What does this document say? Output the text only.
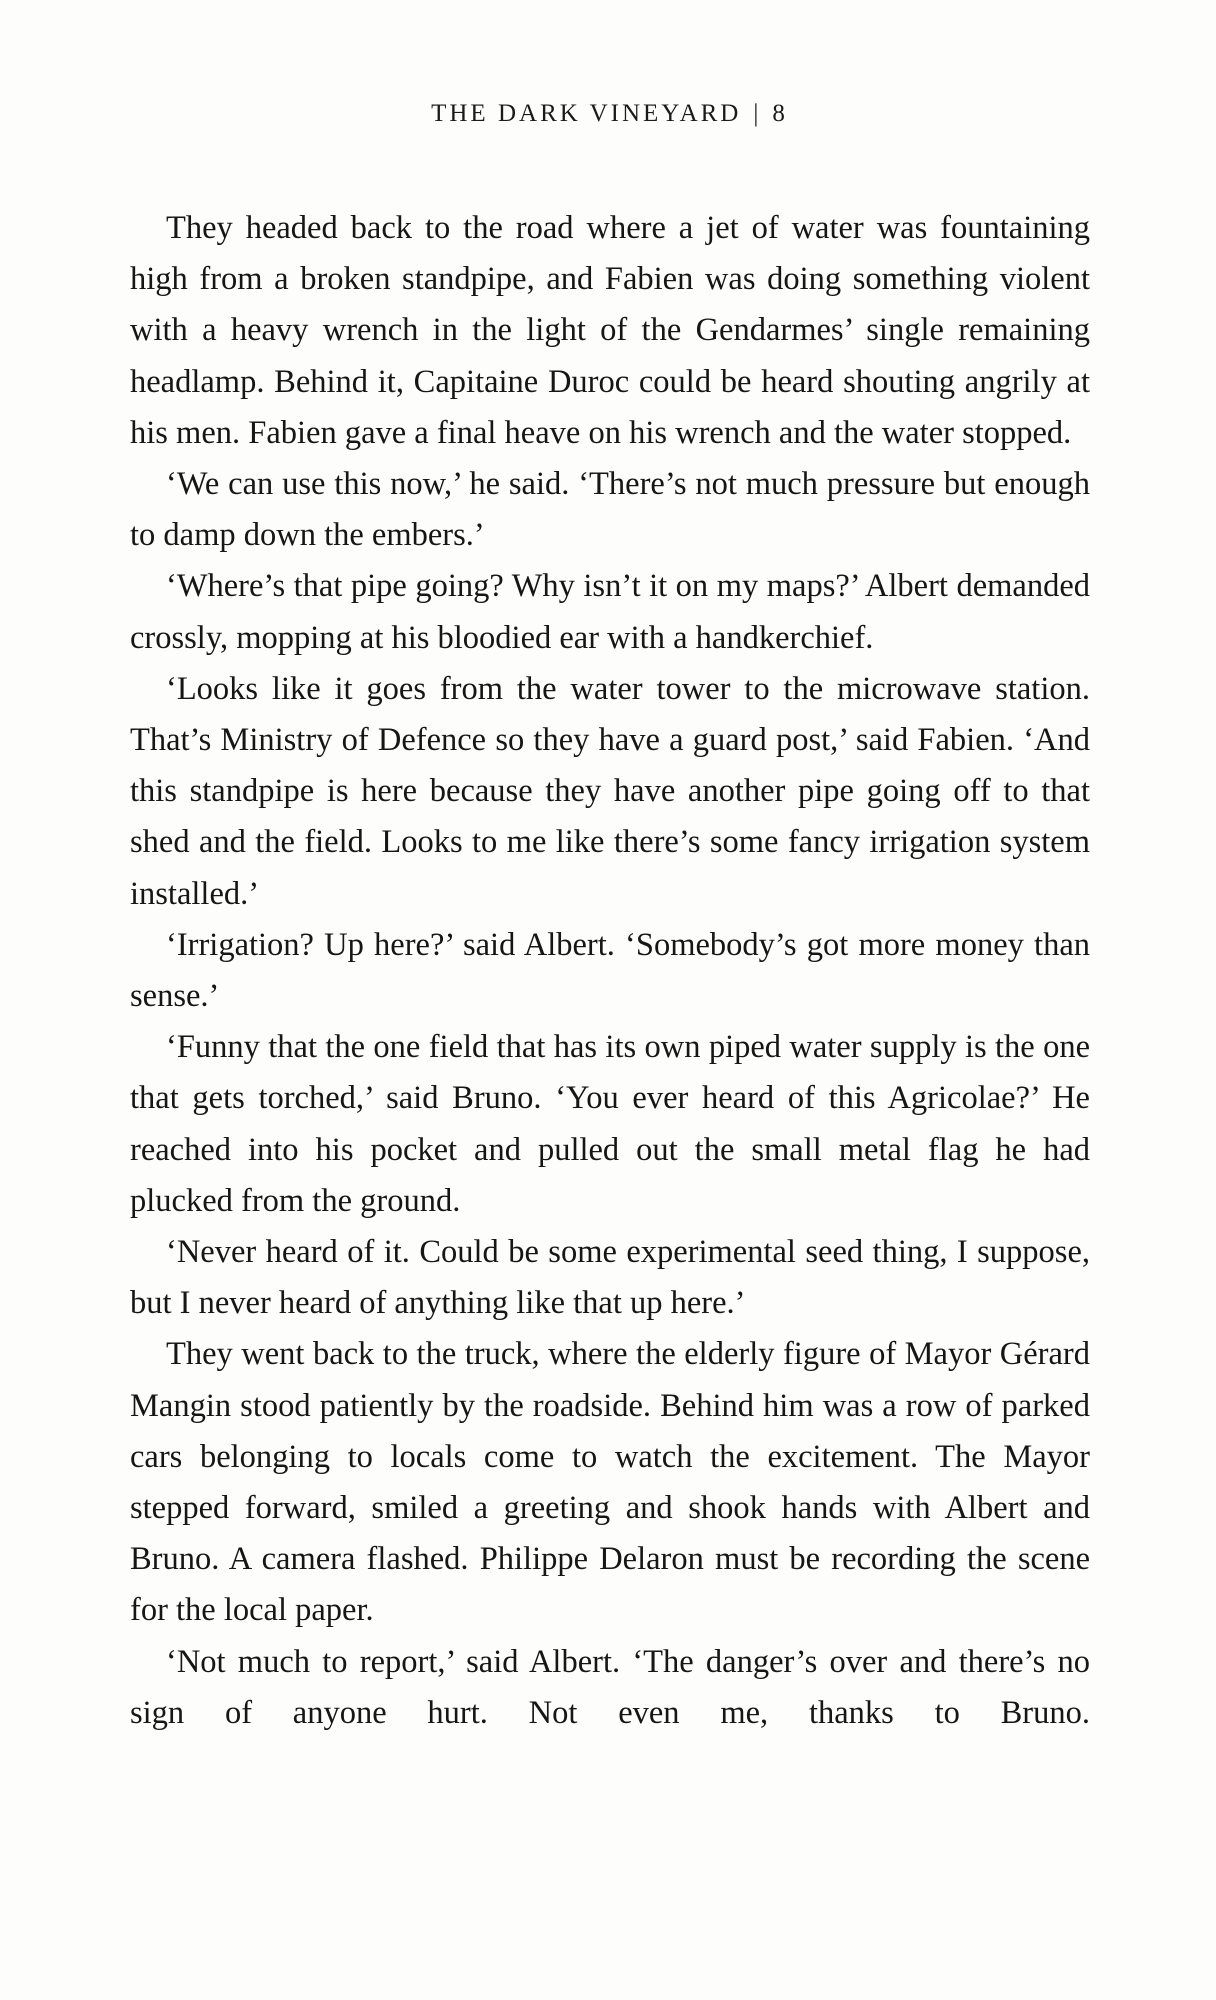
THE DARK VINEYARD | 8

They headed back to the road where a jet of water was fountaining high from a broken standpipe, and Fabien was doing something violent with a heavy wrench in the light of the Gendarmes’ single remaining headlamp. Behind it, Capitaine Duroc could be heard shouting angrily at his men. Fabien gave a final heave on his wrench and the water stopped.

‘We can use this now,’ he said. ‘There’s not much pressure but enough to damp down the embers.’

‘Where’s that pipe going? Why isn’t it on my maps?’ Albert demanded crossly, mopping at his bloodied ear with a handkerchief.

‘Looks like it goes from the water tower to the microwave station. That’s Ministry of Defence so they have a guard post,’ said Fabien. ‘And this standpipe is here because they have another pipe going off to that shed and the field. Looks to me like there’s some fancy irrigation system installed.’

‘Irrigation? Up here?’ said Albert. ‘Somebody’s got more money than sense.’

‘Funny that the one field that has its own piped water supply is the one that gets torched,’ said Bruno. ‘You ever heard of this Agricolae?’ He reached into his pocket and pulled out the small metal flag he had plucked from the ground.

‘Never heard of it. Could be some experimental seed thing, I suppose, but I never heard of anything like that up here.’

They went back to the truck, where the elderly figure of Mayor Gérard Mangin stood patiently by the roadside. Behind him was a row of parked cars belonging to locals come to watch the excitement. The Mayor stepped forward, smiled a greeting and shook hands with Albert and Bruno. A camera flashed. Philippe Delaron must be recording the scene for the local paper.

‘Not much to report,’ said Albert. ‘The danger’s over and there’s no sign of anyone hurt. Not even me, thanks to Bruno.
